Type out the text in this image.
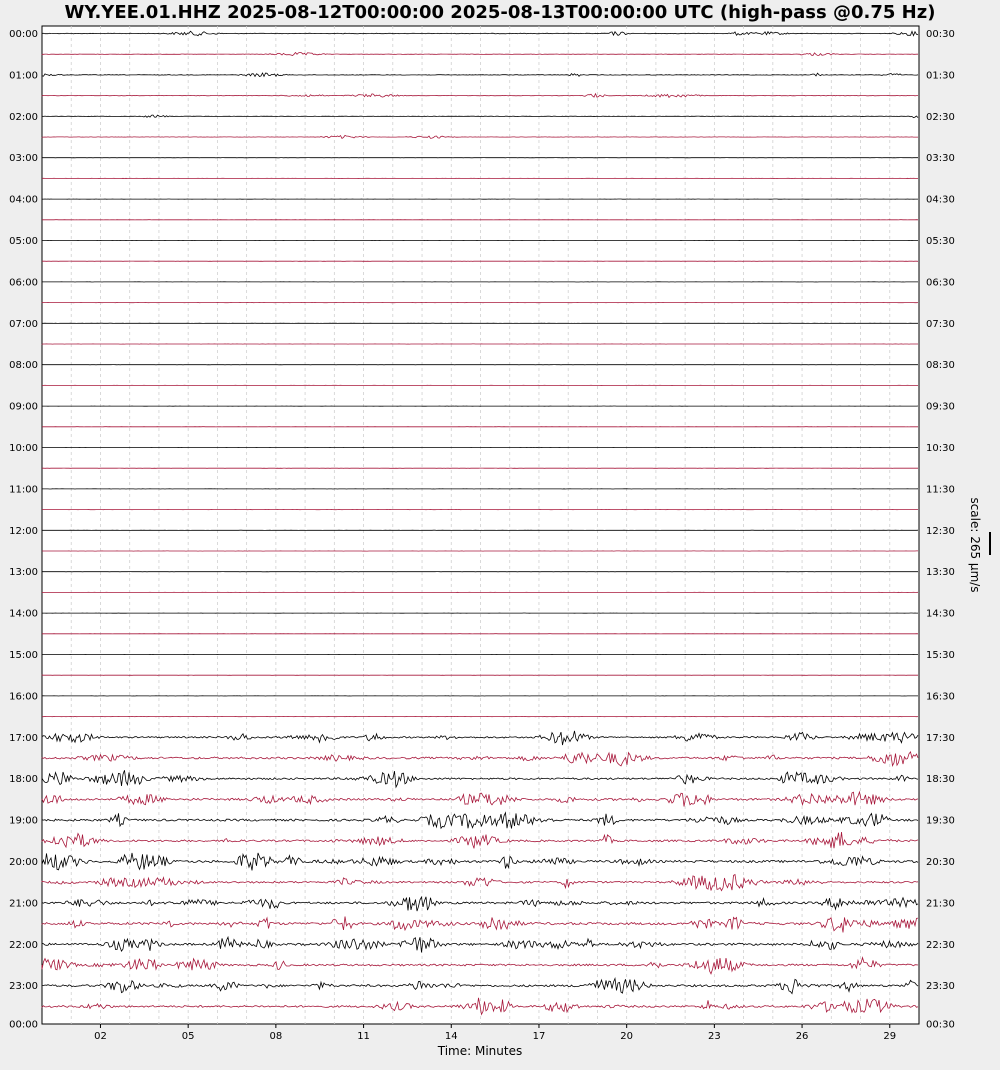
WY.YEE.01.HHZ 2025-08-12T00:00:00 2025-08-13T00:00:00 UTC (high-pass @0.75 Hz)
00:00
01:00
02:00
03:00
04:00
05:00
06:00
07:00
08:00
09:00
10:00
11:00
12:00
13:00
14:00
15:00
16:00
17:00
18:00
19:00
20:00
21:00
22:00
23:00
00:00
00:30
01:30
02:30
03:30
04:30
05:30
06:30
07:30
08:30
09:30
10:30
11:30
12:30
13:30
14:30
15:30
16:30
17:30
18:30
19:30
20:30
21:30
22:30
23:30
00:30
02	05	08	11	14	17	20	23	26	29
Time: Minutes
scale: 265 µm/s
